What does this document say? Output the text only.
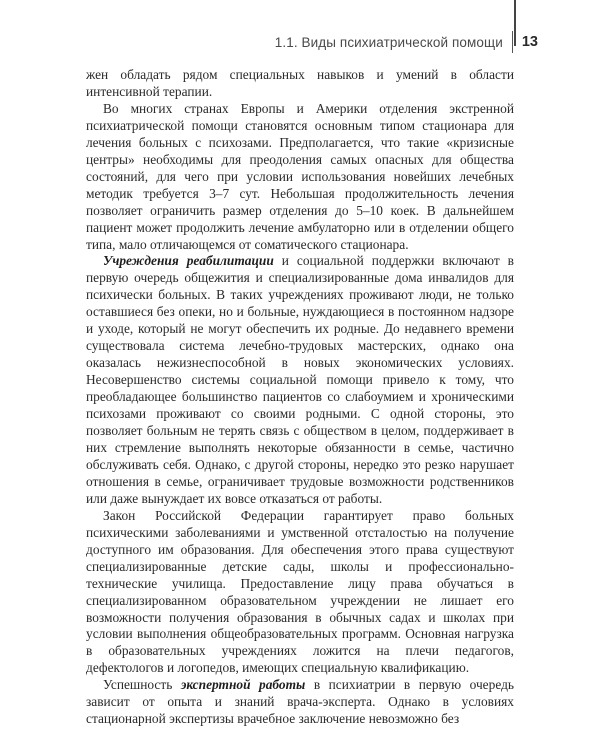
1.1. Виды психиатрической помощи 13

жен обладать рядом специальных навыков и умений в области интенсивной терапии.

Во многих странах Европы и Америки отделения экстренной психиатрической помощи становятся основным типом стационара для лечения больных с психозами. Предполагается, что такие «кризисные центры» необходимы для преодоления самых опасных для общества состояний, для чего при условии использования новейших лечебных методик требуется 3–7 сут. Небольшая продолжительность лечения позволяет ограничить размер отделения до 5–10 коек. В дальнейшем пациент может продолжить лечение амбулаторно или в отделении общего типа, мало отличающемся от соматического стационара.

Учреждения реабилитации и социальной поддержки включают в первую очередь общежития и специализированные дома инвалидов для психически больных. В таких учреждениях проживают люди, не только оставшиеся без опеки, но и больные, нуждающиеся в постоянном надзоре и уходе, который не могут обеспечить их родные. До недавнего времени существовала система лечебно-трудовых мастерских, однако она оказалась нежизнеспособной в новых экономических условиях. Несовершенство системы социальной помощи привело к тому, что преобладающее большинство пациентов со слабоумием и хроническими психозами проживают со своими родными. С одной стороны, это позволяет больным не терять связь с обществом в целом, поддерживает в них стремление выполнять некоторые обязанности в семье, частично обслуживать себя. Однако, с другой стороны, нередко это резко нарушает отношения в семье, ограничивает трудовые возможности родственников или даже вынуждает их вовсе отказаться от работы.

Закон Российской Федерации гарантирует право больных психическими заболеваниями и умственной отсталостью на получение доступного им образования. Для обеспечения этого права существуют специализированные детские сады, школы и профессионально-технические училища. Предоставление лицу права обучаться в специализированном образовательном учреждении не лишает его возможности получения образования в обычных садах и школах при условии выполнения общеобразовательных программ. Основная нагрузка в образовательных учреждениях ложится на плечи педагогов, дефектологов и логопедов, имеющих специальную квалификацию.

Успешность экспертной работы в психиатрии в первую очередь зависит от опыта и знаний врача-эксперта. Однако в условиях стационарной экспертизы врачебное заключение невозможно без
